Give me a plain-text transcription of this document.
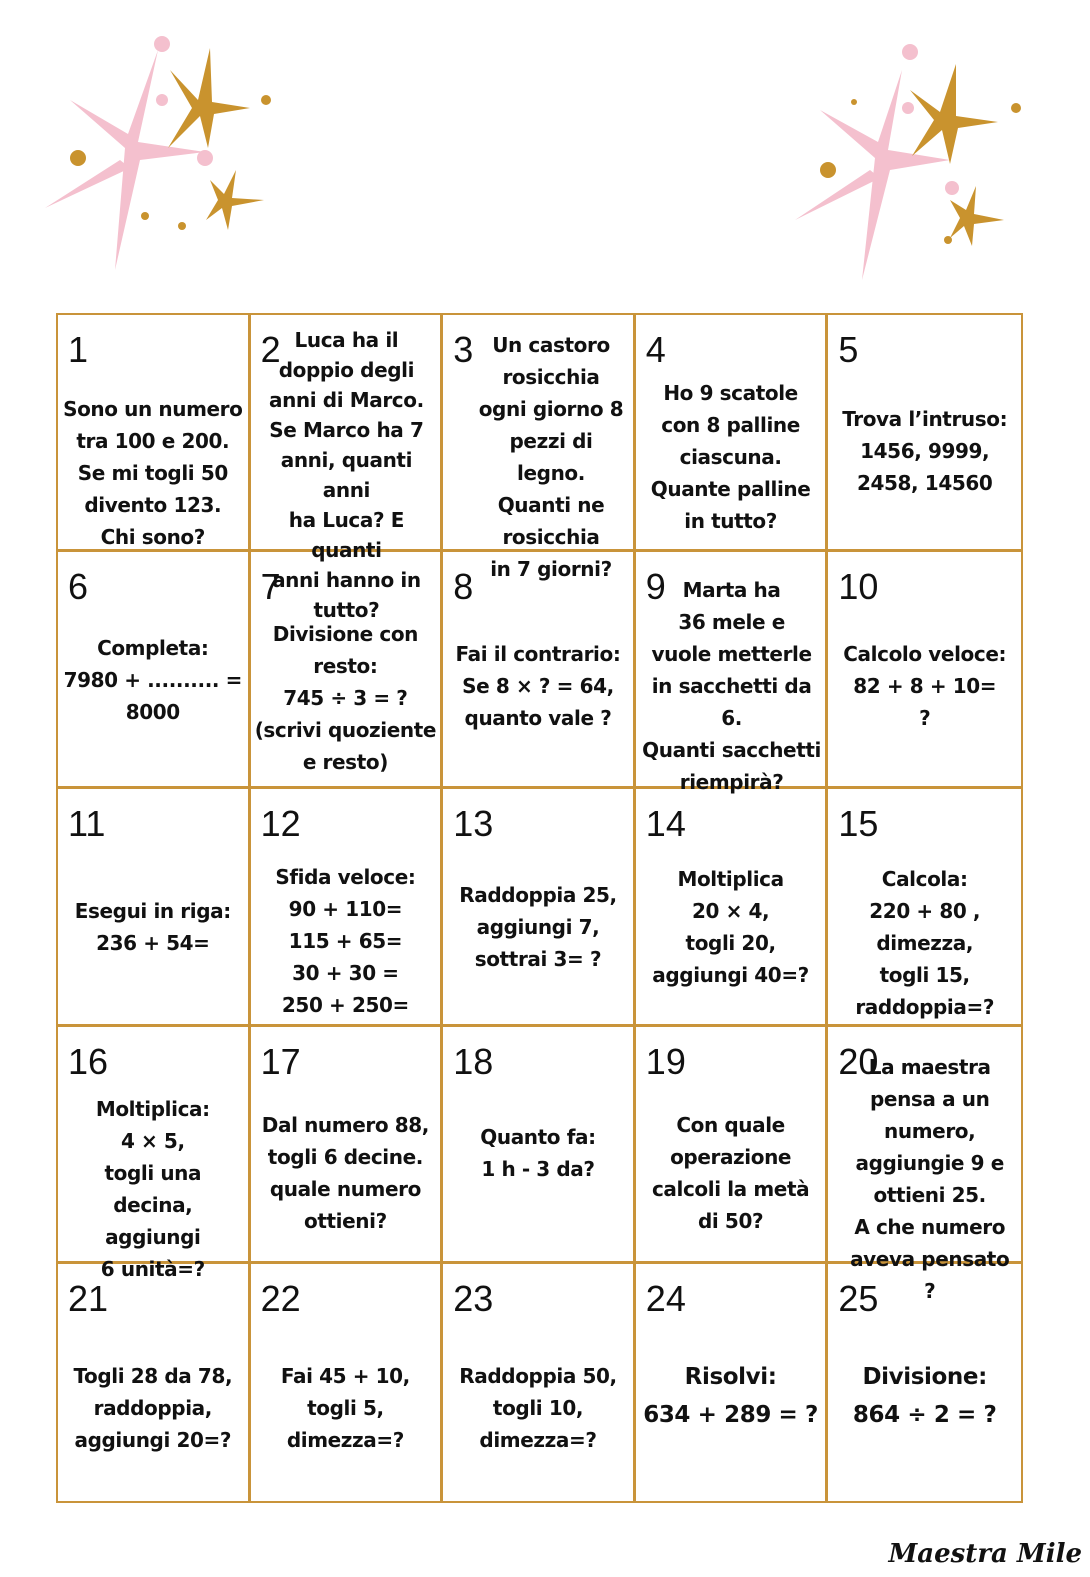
1
Sono un numero
tra 100 e 200.
Se mi togli 50
divento 123.
Chi sono?
2 Luca ha il
doppio degli
anni di Marco.
Se Marco ha 7
anni, quanti anni
ha Luca? E quanti
anni hanno in
tutto?
3 Un castoro
rosicchia
ogni giorno 8
pezzi di legno.
Quanti ne
rosicchia
in 7 giorni?
4
Ho 9 scatole
con 8 palline
ciascuna.
Quante palline
in tutto?
5
Trova l’intruso:
1456, 9999,
2458, 14560
6
Completa:
7980 + .......... =
8000
7
Divisione con
resto:
745 ÷ 3 = ?
(scrivi quoziente
e resto)
8
Fai il contrario:
Se 8 × ? = 64,
quanto vale ?
9 Marta ha
36 mele e
vuole metterle
in sacchetti da 6.
Quanti sacchetti
riempirà?
10
Calcolo veloce:
82 + 8 + 10=
?
11
Esegui in riga:
236 + 54=
12
Sfida veloce:
90 + 110=
115 + 65=
30 + 30 =
250 + 250=
13
Raddoppia 25,
aggiungi 7,
sottrai 3= ?
14
Moltiplica
20 × 4,
togli 20,
aggiungi 40=?
15
Calcola:
220 + 80 ,
dimezza,
togli 15,
raddoppia=?
16
Moltiplica:
4 × 5,
togli una decina,
aggiungi
6 unità=?
17
Dal numero 88,
togli 6 decine.
quale numero
ottieni?
18
Quanto fa:
1 h - 3 da?
19
Con quale
operazione
calcoli la metà
di 50?
20
La maestra
pensa a un
numero,
aggiungie 9 e
ottieni 25.
A che numero
aveva pensato ?
21
Togli 28 da 78,
raddoppia,
aggiungi 20=?
22
Fai 45 + 10,
togli 5,
dimezza=?
23
Raddoppia 50,
togli 10,
dimezza=?
24
Risolvi:
634 + 289 = ?
25
Divisione:
864 ÷ 2 = ?
Maestra Mile
